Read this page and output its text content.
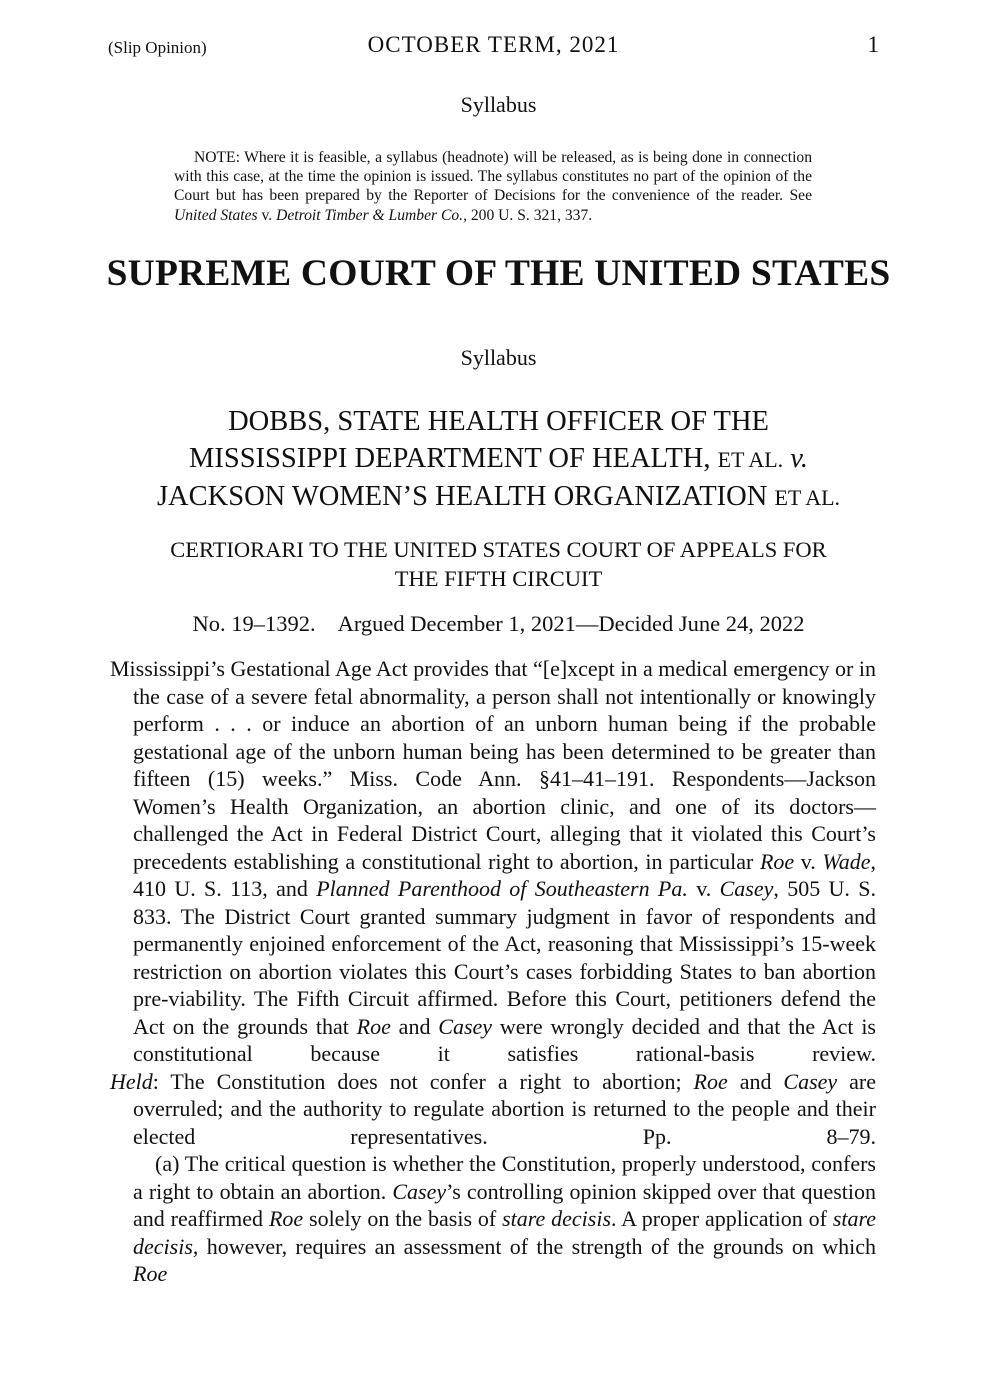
(Slip Opinion)	OCTOBER TERM, 2021	1
Syllabus

NOTE: Where it is feasible, a syllabus (headnote) will be released, as is being done in connection with this case, at the time the opinion is issued. The syllabus constitutes no part of the opinion of the Court but has been prepared by the Reporter of Decisions for the convenience of the reader. See United States v. Detroit Timber & Lumber Co., 200 U. S. 321, 337.

SUPREME COURT OF THE UNITED STATES
Syllabus
DOBBS, STATE HEALTH OFFICER OF THE
MISSISSIPPI DEPARTMENT OF HEALTH, ET AL. v.
JACKSON WOMEN’S HEALTH ORGANIZATION ET AL.
CERTIORARI TO THE UNITED STATES COURT OF APPEALS FOR
THE FIFTH CIRCUIT
No. 19–1392. Argued December 1, 2021—Decided June 24, 2022

Mississippi’s Gestational Age Act provides that “[e]xcept in a medical emergency or in the case of a severe fetal abnormality, a person shall not intentionally or knowingly perform . . . or induce an abortion of an unborn human being if the probable gestational age of the unborn human being has been determined to be greater than fifteen (15) weeks.” Miss. Code Ann. §41–41–191. Respondents—Jackson Women’s Health Organization, an abortion clinic, and one of its doctors—challenged the Act in Federal District Court, alleging that it violated this Court’s precedents establishing a constitutional right to abortion, in particular Roe v. Wade, 410 U. S. 113, and Planned Parenthood of Southeastern Pa. v. Casey, 505 U. S. 833. The District Court granted summary judgment in favor of respondents and permanently enjoined enforcement of the Act, reasoning that Mississippi’s 15-week restriction on abortion violates this Court’s cases forbidding States to ban abortion pre-viability. The Fifth Circuit affirmed. Before this Court, petitioners defend the Act on the grounds that Roe and Casey were wrongly decided and that the Act is constitutional because it satisfies rational-basis review.

Held: The Constitution does not confer a right to abortion; Roe and Casey are overruled; and the authority to regulate abortion is returned to the people and their elected representatives. Pp. 8–79.

(a) The critical question is whether the Constitution, properly understood, confers a right to obtain an abortion. Casey’s controlling opinion skipped over that question and reaffirmed Roe solely on the basis of stare decisis. A proper application of stare decisis, however, requires an assessment of the strength of the grounds on which Roe
